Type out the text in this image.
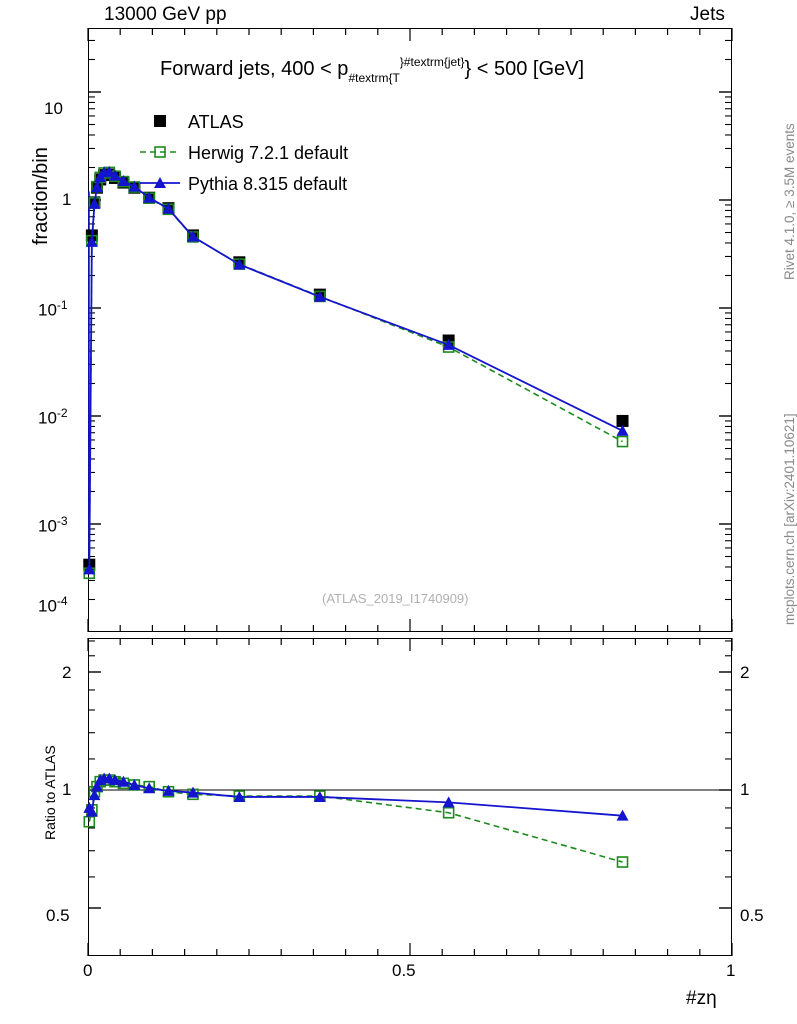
13000 GeV pp	Jets
Rivet 4.1.0, ≥ 3.5M events
mcplots.cern.ch [arXiv:2401.10621]
fraction/bin
Forward jets, $400 < p_{\#textrm\{T}^{\}\#textrm\{jet\}}\} < 500$ [GeV]
10
1
$10^{-1}$
$10^{-2}$
$10^{-3}$
$10^{-4}$
Ratio to ATLAS
2
1
0.5
2
1
0.5
0	0.5	1
#zη
(ATLAS_2019_I1740909)
ATLAS
Herwig 7.2.1 default
Pythia 8.315 default
